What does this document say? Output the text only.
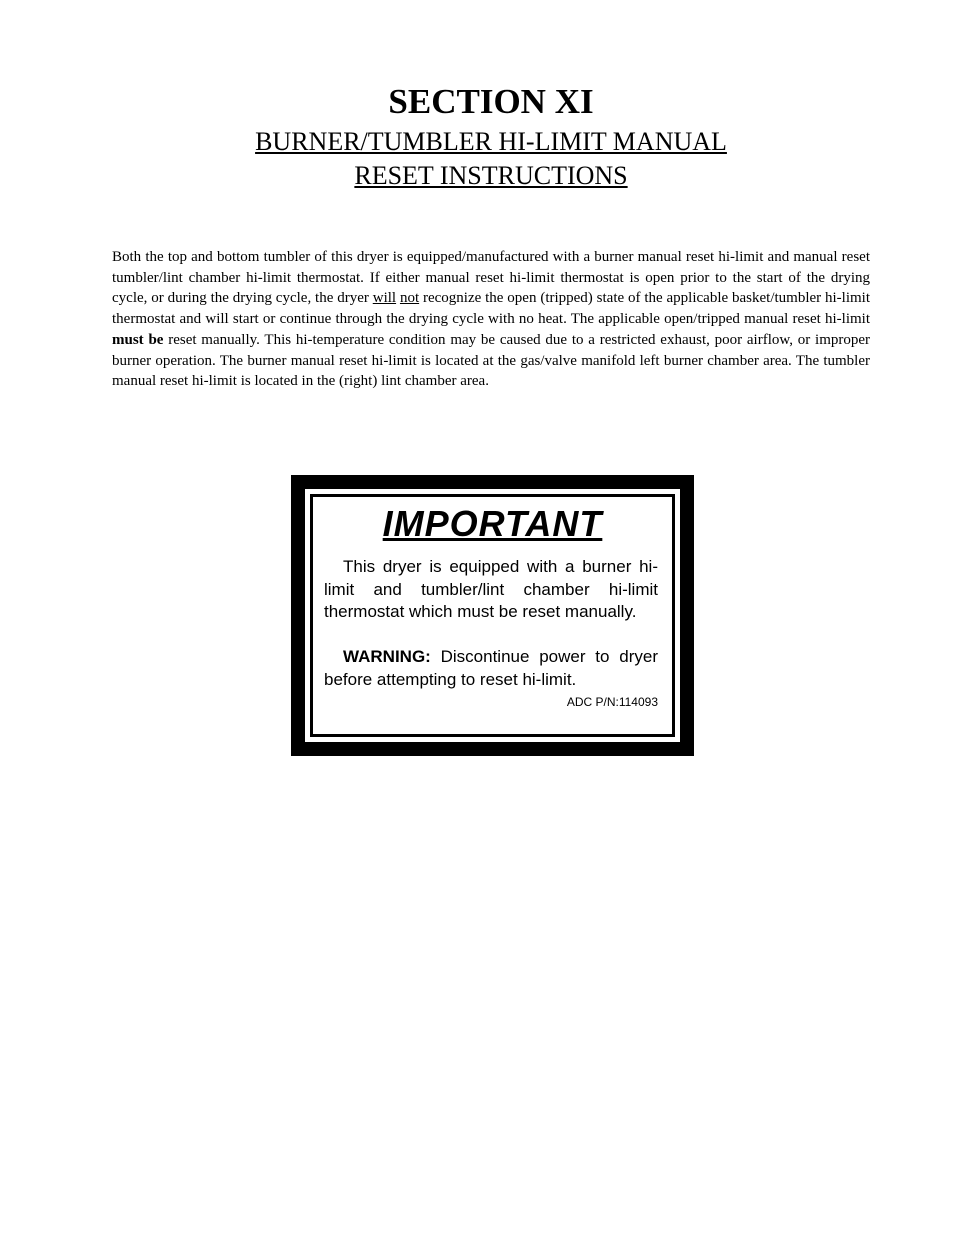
SECTION XI
BURNER/TUMBLER HI-LIMIT MANUAL
RESET INSTRUCTIONS

Both the top and bottom tumbler of this dryer is equipped/manufactured with a burner manual reset hi-limit and manual reset tumbler/lint chamber hi-limit thermostat. If either manual reset hi-limit thermostat is open prior to the start of the drying cycle, or during the drying cycle, the dryer will not recognize the open (tripped) state of the applicable basket/tumbler hi-limit thermostat and will start or continue through the drying cycle with no heat. The applicable open/tripped manual reset hi-limit must be reset manually. This hi-temperature condition may be caused due to a restricted exhaust, poor airflow, or improper burner operation. The burner manual reset hi-limit is located at the gas/valve manifold left burner chamber area. The tumbler manual reset hi-limit is located in the (right) lint chamber area.

IMPORTANT

This dryer is equipped with a burner hi-limit and tumbler/lint chamber hi-limit thermostat which must be reset manually.

WARNING: Discontinue power to dryer before attempting to reset hi-limit.

ADC P/N:114093
